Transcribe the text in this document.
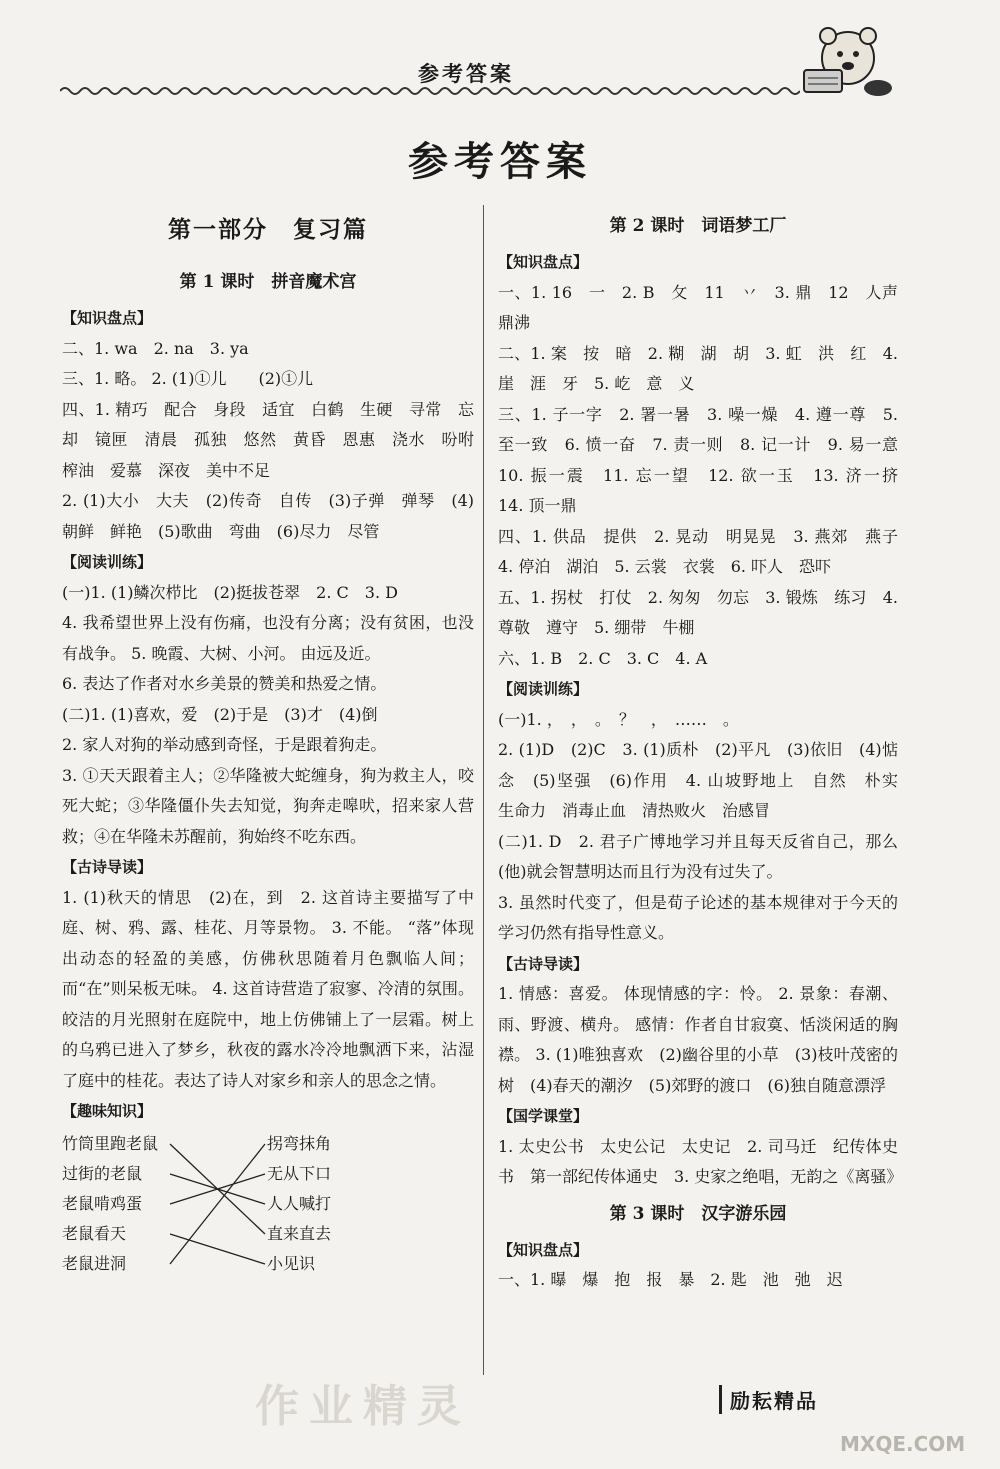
参考答案
参考答案
第一部分　复习篇

第 1 课时　拼音魔术宫

【知识盘点】

二、1. wa　2. na　3. ya

三、1. 略。 2. (1)①儿　　(2)①儿

四、1. 精巧　配合　身段　适宜　白鹤　生硬　寻常　忘却　镜匣　清晨　孤独　悠然　黄昏　恩惠　浇水　吩咐　榨油　爱慕　深夜　美中不足

2. (1)大小　大夫　(2)传奇　自传　(3)子弹　弹琴　(4)朝鲜　鲜艳　(5)歌曲　弯曲　(6)尽力　尽管

【阅读训练】

(一)1. (1)鳞次栉比　(2)挺拔苍翠　2. C　3. D

4. 我希望世界上没有伤痛，也没有分离；没有贫困，也没有战争。 5. 晚霞、大树、小河。 由远及近。

6. 表达了作者对水乡美景的赞美和热爱之情。

(二)1. (1)喜欢，爱　(2)于是　(3)才　(4)倒

2. 家人对狗的举动感到奇怪，于是跟着狗走。

3. ①天天跟着主人；②华隆被大蛇缠身，狗为救主人，咬死大蛇；③华隆僵仆失去知觉，狗奔走嗥吠，招来家人营救；④在华隆未苏醒前，狗始终不吃东西。

【古诗导读】

1. (1)秋天的情思　(2)在，到　2. 这首诗主要描写了中庭、树、鸦、露、桂花、月等景物。 3. 不能。 “落”体现出动态的轻盈的美感，仿佛秋思随着月色飘临人间；而“在”则呆板无味。 4. 这首诗营造了寂寥、冷清的氛围。皎洁的月光照射在庭院中，地上仿佛铺上了一层霜。树上的乌鸦已进入了梦乡，秋夜的露水冷冷地飘洒下来，沾湿了庭中的桂花。表达了诗人对家乡和亲人的思念之情。

【趣味知识】

竹筒里跑老鼠
过街的老鼠
老鼠啃鸡蛋
老鼠看天
老鼠进洞
拐弯抹角
无从下口
人人喊打
直来直去
小见识

第 2 课时　词语梦工厂

【知识盘点】

一、1. 16　一　2. B　攵　11　丷　3. 鼎　12　人声鼎沸

二、1. 案　按　暗　2. 糊　湖　胡　3. 虹　洪　红　4. 崖　涯　牙　5. 屹　意　义

三、1. 子一字　2. 署一暑　3. 噪一燥　4. 遵一尊　5. 至一致　6. 愤一奋　7. 责一则　8. 记一计　9. 易一意　10. 振一震　11. 忘一望　12. 欲一玉　13. 济一挤　14. 顶一鼎

四、1. 供品　提供　2. 晃动　明晃晃　3. 燕郊　燕子　4. 停泊　湖泊　5. 云裳　衣裳　6. 吓人　恐吓

五、1. 拐杖　打仗　2. 匆匆　勿忘　3. 锻炼　练习　4. 尊敬　遵守　5. 绷带　牛棚

六、1. B　2. C　3. C　4. A

【阅读训练】

(一)1. ，　，　。　？　，　……　。

2. (1)D　(2)C　3. (1)质朴　(2)平凡　(3)依旧　(4)惦念　(5)坚强　(6)作用　4. 山坡野地上　自然　朴实　生命力　消毒止血　清热败火　治感冒

(二)1. D　2. 君子广博地学习并且每天反省自己，那么(他)就会智慧明达而且行为没有过失了。

3. 虽然时代变了，但是荀子论述的基本规律对于今天的学习仍然有指导性意义。

【古诗导读】

1. 情感：喜爱。 体现情感的字：怜。 2. 景象：春潮、雨、野渡、横舟。 感情：作者自甘寂寞、恬淡闲适的胸襟。 3. (1)唯独喜欢　(2)幽谷里的小草　(3)枝叶茂密的树　(4)春天的潮汐　(5)郊野的渡口　(6)独自随意漂浮

【国学课堂】

1. 太史公书　太史公记　太史记　2. 司马迁　纪传体史书　第一部纪传体通史　3. 史家之绝唱，无韵之《离骚》

第 3 课时　汉字游乐园

【知识盘点】

一、1. 曝　爆　抱　报　暴　2. 匙　池　弛　迟

作业精灵	励耘精品
MXQE.COM
